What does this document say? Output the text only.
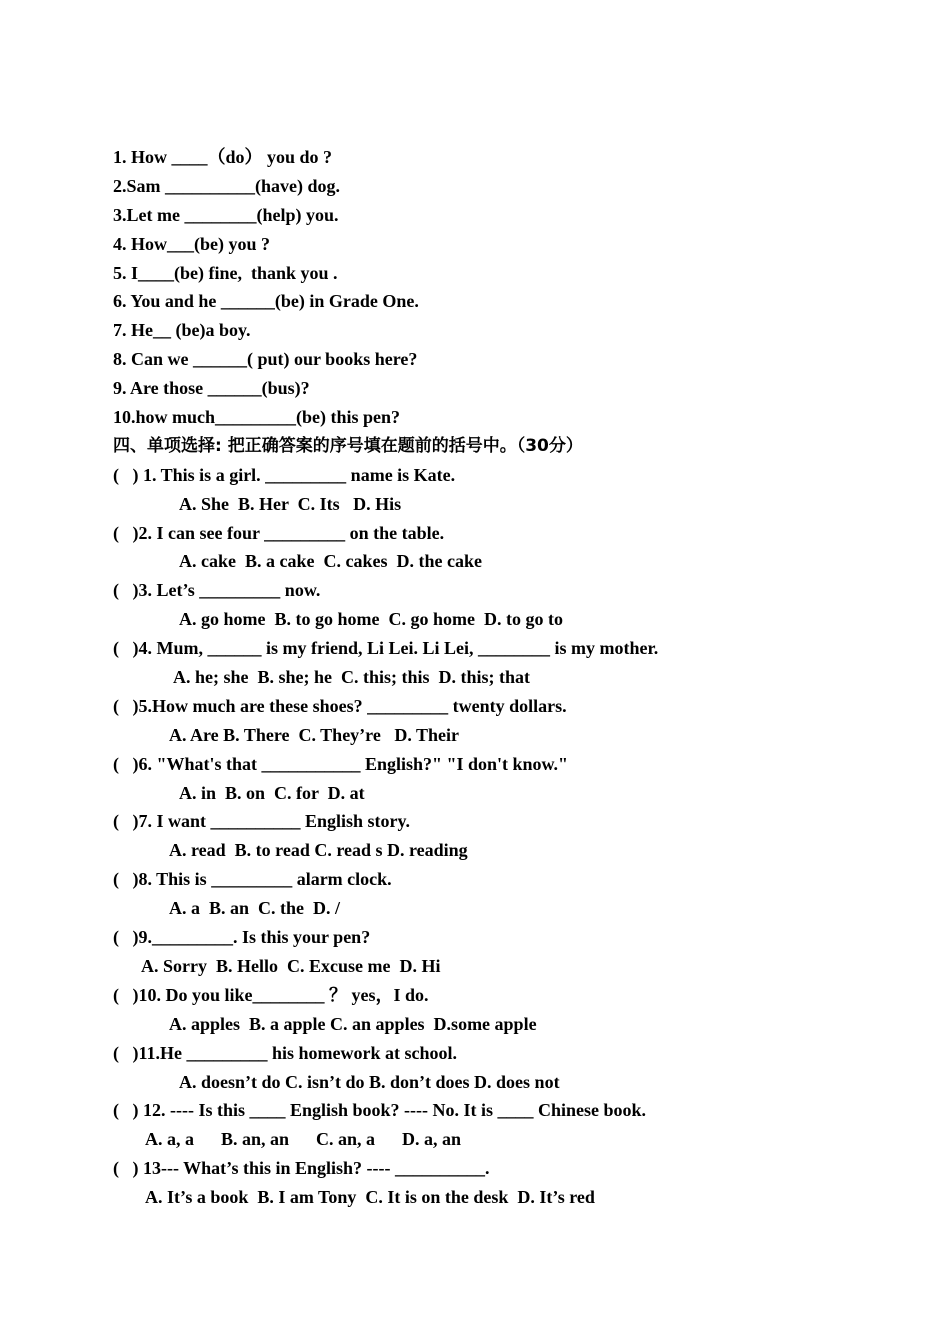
1. How ____（do） you do ?
2.Sam __________(have) dog.
3.Let me ________(help) you.
4. How___(be) you ?
5. I____(be) fine,  thank you .
6. You and he ______(be) in Grade One.
7. He__ (be)a boy.
8. Can we ______( put) our books here?
9. Are those ______(bus)?
10.how much_________(be) this pen?
四、单项选择: 把正确答案的序号填在题前的括号中。（30分）
(   ) 1. This is a girl. _________ name is Kate.
A. She  B. Her  C. Its   D. His
(   )2. I can see four _________ on the table.
A. cake  B. a cake  C. cakes  D. the cake
(   )3. Let’s _________ now.
A. go home  B. to go home  C. go home  D. to go to
(   )4. Mum, ______ is my friend, Li Lei. Li Lei, ________ is my mother.
A. he; she  B. she; he  C. this; this  D. this; that
(   )5.How much are these shoes? _________ twenty dollars.
A. Are B. There  C. They’re   D. Their
(   )6. "What's that ___________ English?" "I don't know."
A. in  B. on  C. for  D. at
(   )7. I want __________ English story.
A. read  B. to read C. read s D. reading
(   )8. This is _________ alarm clock.
A. a  B. an  C. the  D. /
(   )9._________. Is this your pen?
A. Sorry  B. Hello  C. Excuse me  D. Hi
(   )10. Do you like________ ？ yes，I do.
A. apples  B. a apple C. an apples  D.some apple
(   )11.He _________ his homework at school.
A. doesn’t do C. isn’t do B. don’t does D. does not
(   ) 12. ---- Is this ____ English book? ---- No. It is ____ Chinese book.
A. a, a      B. an, an      C. an, a      D. a, an
(   ) 13--- What’s this in English? ---- __________.
A. It’s a book  B. I am Tony  C. It is on the desk  D. It’s red
